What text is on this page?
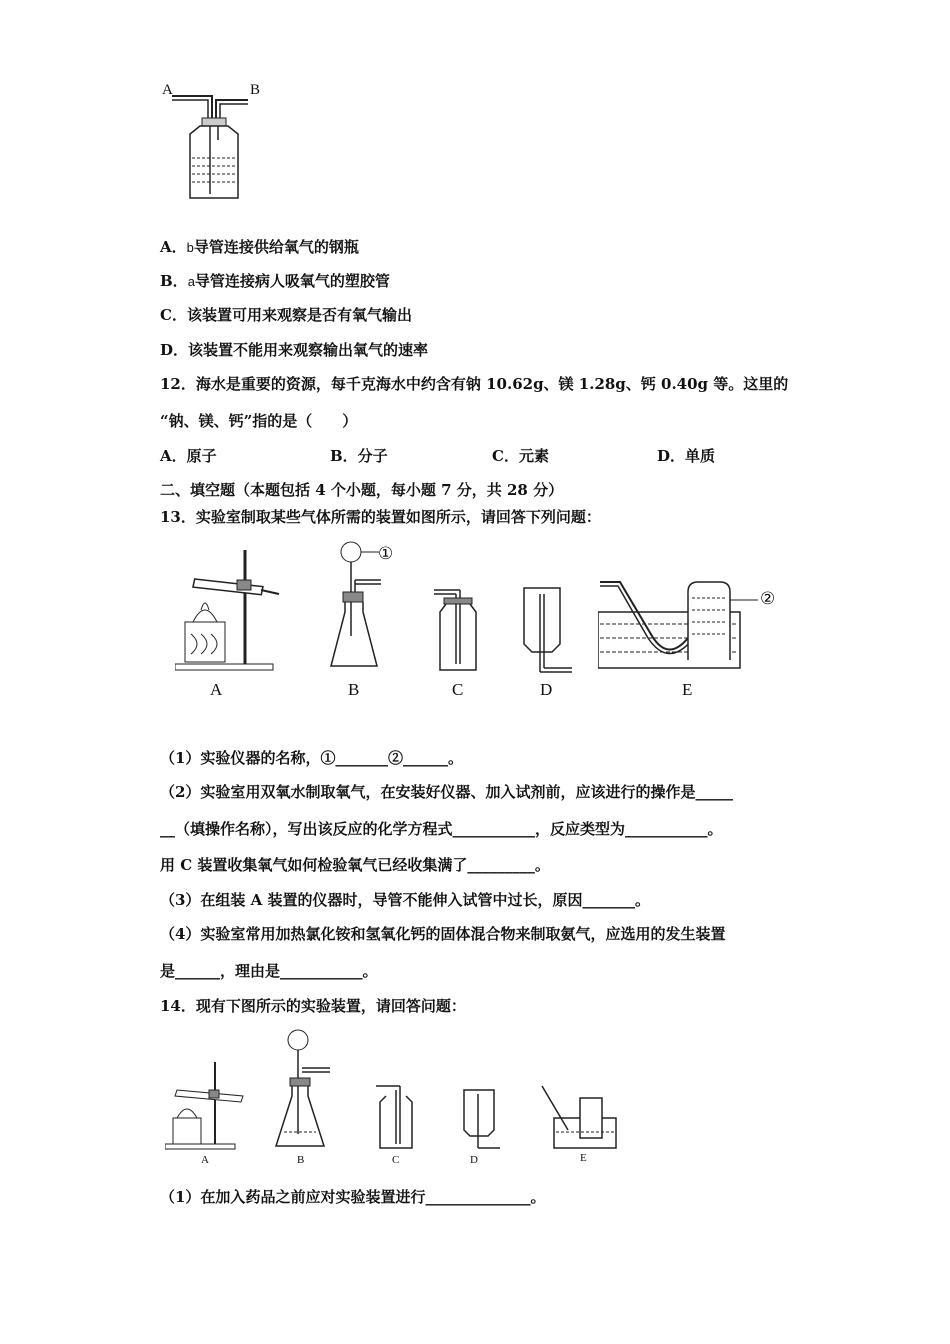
A	B
A．b导管连接供给氧气的钢瓶
B．a导管连接病人吸氧气的塑胶管
C．该装置可用来观察是否有氧气输出
D．该装置不能用来观察输出氧气的速率
12．海水是重要的资源，每千克海水中约含有钠 10.62g、镁 1.28g、钙 0.40g 等。这里的
“钠、镁、钙”指的是（　　）
A．原子	B．分子	C．元素	D．单质
二、填空题（本题包括 4 个小题，每小题 7 分，共 28 分）
13．实验室制取某些气体所需的装置如图所示，请回答下列问题：
①
②
A	B	C	D	E
（1）实验仪器的名称，①_______②______。
（2）实验室用双氧水制取氧气，在安装好仪器、加入试剂前，应该进行的操作是_____
__（填操作名称），写出该反应的化学方程式___________，反应类型为___________。
用 C 装置收集氧气如何检验氧气已经收集满了_________。
（3）在组装 A 装置的仪器时，导管不能伸入试管中过长，原因_______。
（4）实验室常用加热氯化铵和氢氧化钙的固体混合物来制取氨气，应选用的发生装置
是______，理由是___________。
14．现有下图所示的实验装置，请回答问题：
A	B	C	D	E
（1）在加入药品之前应对实验装置进行______________。
